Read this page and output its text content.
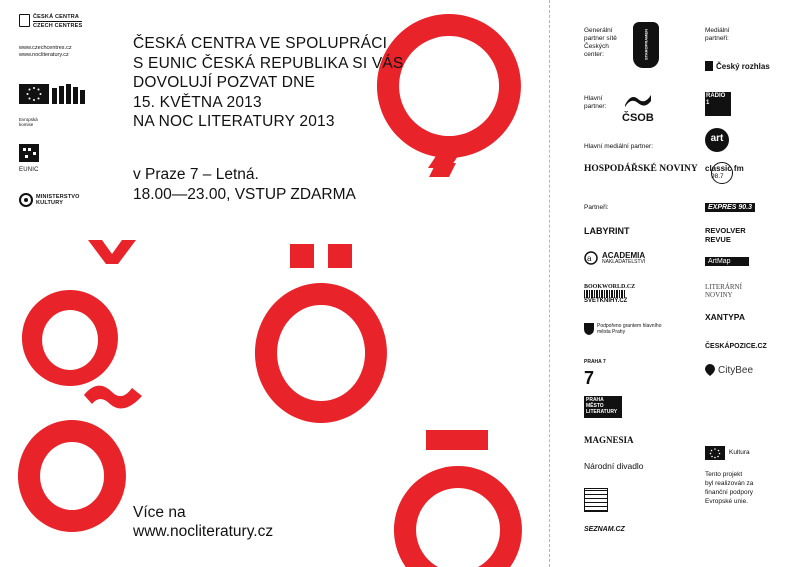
ČESKÁ CENTRA
CZECH CENTRES
www.czechcentres.cz
www.nocliteratury.cz
Evropská
komise
EUNIC
MINISTERSTVO
KULTURY
ČESKÁ CENTRA VE SPOLUPRÁCI
S EUNIC ČESKÁ REPUBLIKA SI VÁS
DOVOLUJÍ POZVAT DNE
15. KVĚTNA 2013
NA NOC LITERATURY 2013
v Praze 7 – Letná.
18.00—23.00, VSTUP ZDARMA
Více na
www.nocliteratury.cz
Generální
partner sítě
Českých
center:	STAROPRAMEN
Hlavní
partner:
ČSOB
Hlavní mediální partner:
HOSPODÁŘSKÉ NOVINY
Partneři:
LABYRINT
a ACADEMIA
NAKLADATELSTVÍ
BOOKWORLD.CZ
SVETKNIHY.CZ
Podpořeno grantem hlavního města Prahy
PRAHA 7
7
PRAHA MĚSTO LITERATURY
MAGNESIA
Národní divadlo
SEZNAM.CZ
Mediální
partneři:
Český rozhlas
RADIO 1
art
classic fm
98.7
EXPRES 90.3
REVOLVER
REVUE
ArtMap
LITERÁRNÍ
NOVINY
XANTYPA
ČESKÁPOZICE.CZ
CityBee
Kultura
Tento projekt
byl realizován za
finanční podpory
Evropské unie.
